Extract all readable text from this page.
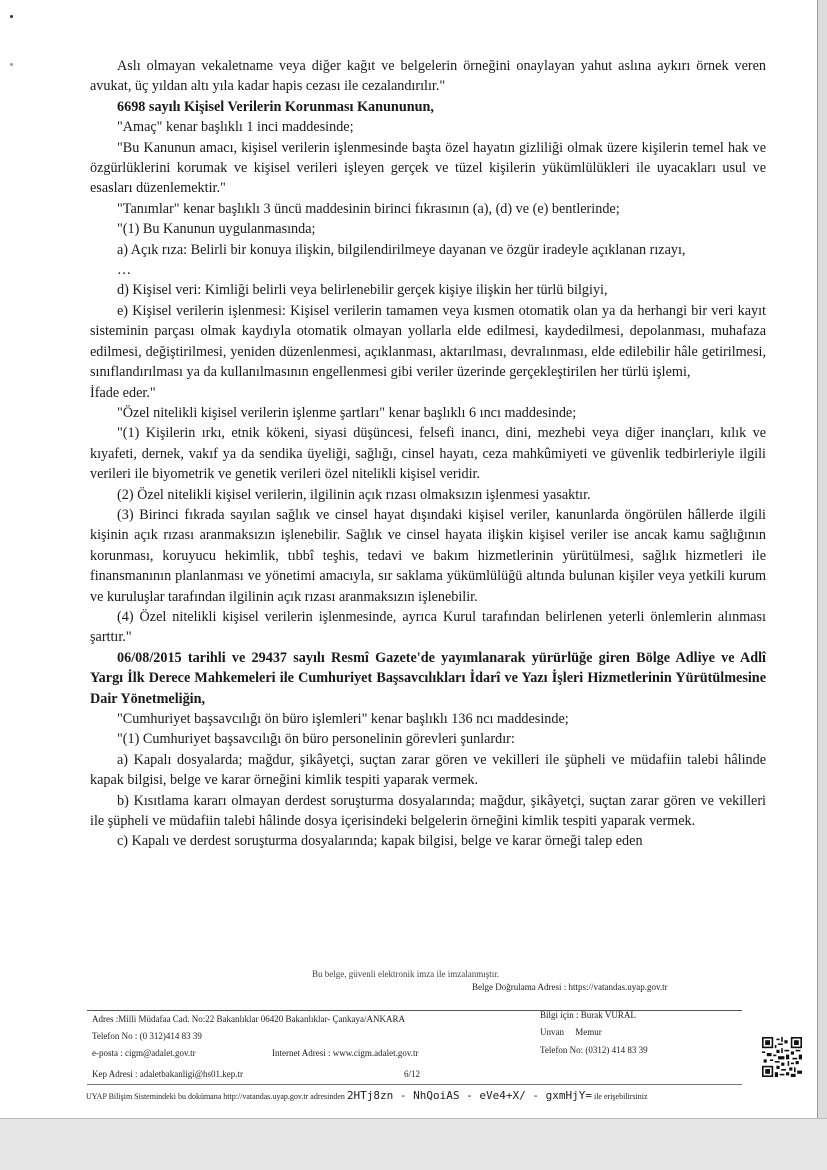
Aslı olmayan vekaletname veya diğer kağıt ve belgelerin örneğini onaylayan yahut aslına aykırı örnek veren avukat, üç yıldan altı yıla kadar hapis cezası ile cezalandırılır."

6698 sayılı Kişisel Verilerin Korunması Kanununun,

"Amaç" kenar başlıklı 1 inci maddesinde;

"Bu Kanunun amacı, kişisel verilerin işlenmesinde başta özel hayatın gizliliği olmak üzere kişilerin temel hak ve özgürlüklerini korumak ve kişisel verileri işleyen gerçek ve tüzel kişilerin yükümlülükleri ile uyacakları usul ve esasları düzenlemektir."

"Tanımlar" kenar başlıklı 3 üncü maddesinin birinci fıkrasının (a), (d) ve (e) bentlerinde;

"(1) Bu Kanunun uygulanmasında;

a) Açık rıza: Belirli bir konuya ilişkin, bilgilendirilmeye dayanan ve özgür iradeyle açıklanan rızayı,

…

d) Kişisel veri: Kimliği belirli veya belirlenebilir gerçek kişiye ilişkin her türlü bilgiyi,

e) Kişisel verilerin işlenmesi: Kişisel verilerin tamamen veya kısmen otomatik olan ya da herhangi bir veri kayıt sisteminin parçası olmak kaydıyla otomatik olmayan yollarla elde edilmesi, kaydedilmesi, depolanması, muhafaza edilmesi, değiştirilmesi, yeniden düzenlenmesi, açıklanması, aktarılması, devralınması, elde edilebilir hâle getirilmesi, sınıflandırılması ya da kullanılmasının engellenmesi gibi veriler üzerinde gerçekleştirilen her türlü işlemi,

İfade eder."

"Özel nitelikli kişisel verilerin işlenme şartları" kenar başlıklı 6 ıncı maddesinde;

"(1) Kişilerin ırkı, etnik kökeni, siyasi düşüncesi, felsefi inancı, dini, mezhebi veya diğer inançları, kılık ve kıyafeti, dernek, vakıf ya da sendika üyeliği, sağlığı, cinsel hayatı, ceza mahkûmiyeti ve güvenlik tedbirleriyle ilgili verileri ile biyometrik ve genetik verileri özel nitelikli kişisel veridir.

(2) Özel nitelikli kişisel verilerin, ilgilinin açık rızası olmaksızın işlenmesi yasaktır.

(3) Birinci fıkrada sayılan sağlık ve cinsel hayat dışındaki kişisel veriler, kanunlarda öngörülen hâllerde ilgili kişinin açık rızası aranmaksızın işlenebilir. Sağlık ve cinsel hayata ilişkin kişisel veriler ise ancak kamu sağlığının korunması, koruyucu hekimlik, tıbbî teşhis, tedavi ve bakım hizmetlerinin yürütülmesi, sağlık hizmetleri ile finansmanının planlanması ve yönetimi amacıyla, sır saklama yükümlülüğü altında bulunan kişiler veya yetkili kurum ve kuruluşlar tarafından ilgilinin açık rızası aranmaksızın işlenebilir.

(4) Özel nitelikli kişisel verilerin işlenmesinde, ayrıca Kurul tarafından belirlenen yeterli önlemlerin alınması şarttır."

06/08/2015 tarihli ve 29437 sayılı Resmî Gazete'de yayımlanarak yürürlüğe giren Bölge Adliye ve Adlî Yargı İlk Derece Mahkemeleri ile Cumhuriyet Başsavcılıkları İdarî ve Yazı İşleri Hizmetlerinin Yürütülmesine Dair Yönetmeliğin,

"Cumhuriyet başsavcılığı ön büro işlemleri" kenar başlıklı 136 ncı maddesinde;

"(1) Cumhuriyet başsavcılığı ön büro personelinin görevleri şunlardır:

a) Kapalı dosyalarda; mağdur, şikâyetçi, suçtan zarar gören ve vekilleri ile şüpheli ve müdafiin talebi hâlinde kapak bilgisi, belge ve karar örneğini kimlik tespiti yaparak vermek.

b) Kısıtlama kararı olmayan derdest soruşturma dosyalarında; mağdur, şikâyetçi, suçtan zarar gören ve vekilleri ile şüpheli ve müdafiin talebi hâlinde dosya içerisindeki belgelerin örneğini kimlik tespiti yaparak vermek.

c) Kapalı ve derdest soruşturma dosyalarında; kapak bilgisi, belge ve karar örneği talep eden

Bu belge, güvenli elektronik imza ile imzalanmıştır.
Belge Doğrulama Adresi : https://vatandas.uyap.gov.tr
Adres :Milli Müdafaa Cad. No:22 Bakanlıklar 06420 Bakanlıklar- Çankaya/ANKARA
Telefon No : (0 312)414 83 39
e-posta : cigm@adalet.gov.tr	Internet Adresi : www.cigm.adalet.gov.tr
Bilgi için : Burak VURAL
Unvan     Memur
Telefon No: (0312) 414 83 39
Kep Adresi : adaletbakanligi@hs01.kep.tr	6/12
UYAP Bilişim Sistemindeki bu dokümana http://vatandas.uyap.gov.tr adresinden 2HTj8zn - NhQoiAS - eVe4+X/ - gxmHjY= ile erişebilirsiniz
